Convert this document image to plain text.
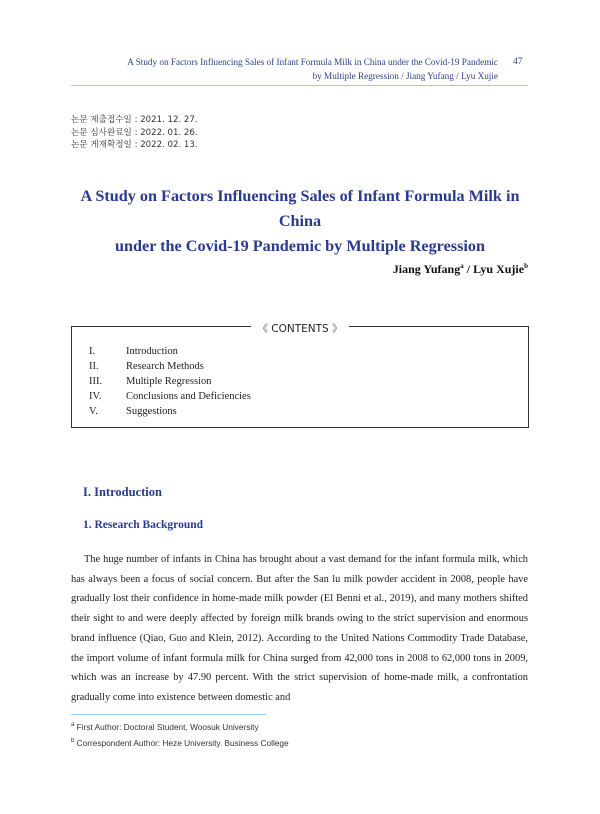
A Study on Factors Influencing Sales of Infant Formula Milk in China under the Covid-19 Pandemic 47
by Multiple Regression / Jiang Yufang / Lyu Xujie
논문 제출접수일 : 2021. 12. 27.
논문 심사완료일 : 2022. 01. 26.
논문 게재확정일 : 2022. 02. 13.
A Study on Factors Influencing Sales of Infant Formula Milk in China
under the Covid-19 Pandemic by Multiple Regression
Jiang Yufang$^a$ / Lyu Xujie$^b$
《 CONTENTS 》
I.	Introduction
II.	Research Methods
III.	Multiple Regression
IV.	Conclusions and Deficiencies
V.	Suggestions
I. Introduction
1. Research Background

The huge number of infants in China has brought about a vast demand for the infant formula milk, which has always been a focus of social concern. But after the San lu milk powder accident in 2008, people have gradually lost their confidence in home-made milk powder (El Benni et al., 2019), and many mothers shifted their sight to and were deeply affected by foreign milk brands owing to the strict supervision and enormous brand influence (Qiao, Guo and Klein, 2012). According to the United Nations Commodity Trade Database, the import volume of infant formula milk for China surged from 42,000 tons in 2008 to 62,000 tons in 2009, which was an increase by 47.90 percent. With the strict supervision of home-made milk, a confrontation gradually come into existence between domestic and

$^a$ First Author: Doctoral Student, Woosuk University
$^b$ Correspondent Author: Heze University. Business College
